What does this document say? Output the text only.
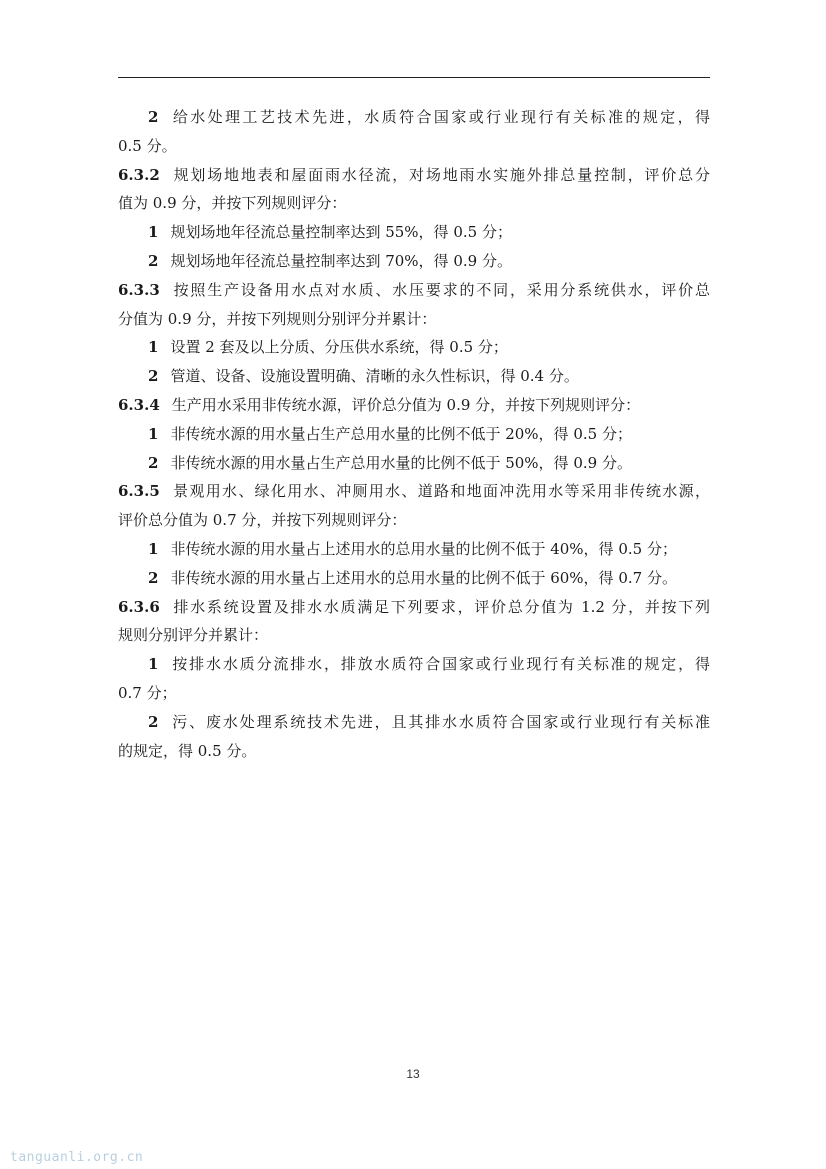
2 给水处理工艺技术先进，水质符合国家或行业现行有关标准的规定，得
0.5 分。
6.3.2 规划场地地表和屋面雨水径流，对场地雨水实施外排总量控制，评价总分
值为 0.9 分，并按下列规则评分：
1 规划场地年径流总量控制率达到 55%，得 0.5 分；
2 规划场地年径流总量控制率达到 70%，得 0.9 分。
6.3.3 按照生产设备用水点对水质、水压要求的不同，采用分系统供水，评价总
分值为 0.9 分，并按下列规则分别评分并累计：
1 设置 2 套及以上分质、分压供水系统，得 0.5 分；
2 管道、设备、设施设置明确、清晰的永久性标识，得 0.4 分。
6.3.4 生产用水采用非传统水源，评价总分值为 0.9 分，并按下列规则评分：
1 非传统水源的用水量占生产总用水量的比例不低于 20%，得 0.5 分；
2 非传统水源的用水量占生产总用水量的比例不低于 50%，得 0.9 分。
6.3.5 景观用水、绿化用水、冲厕用水、道路和地面冲洗用水等采用非传统水源，
评价总分值为 0.7 分，并按下列规则评分：
1 非传统水源的用水量占上述用水的总用水量的比例不低于 40%，得 0.5 分；
2 非传统水源的用水量占上述用水的总用水量的比例不低于 60%，得 0.7 分。
6.3.6 排水系统设置及排水水质满足下列要求，评价总分值为 1.2 分，并按下列
规则分别评分并累计：
1 按排水水质分流排水，排放水质符合国家或行业现行有关标准的规定，得
0.7 分；
2 污、废水处理系统技术先进，且其排水水质符合国家或行业现行有关标准
的规定，得 0.5 分。
13
tanguanli.org.cn
